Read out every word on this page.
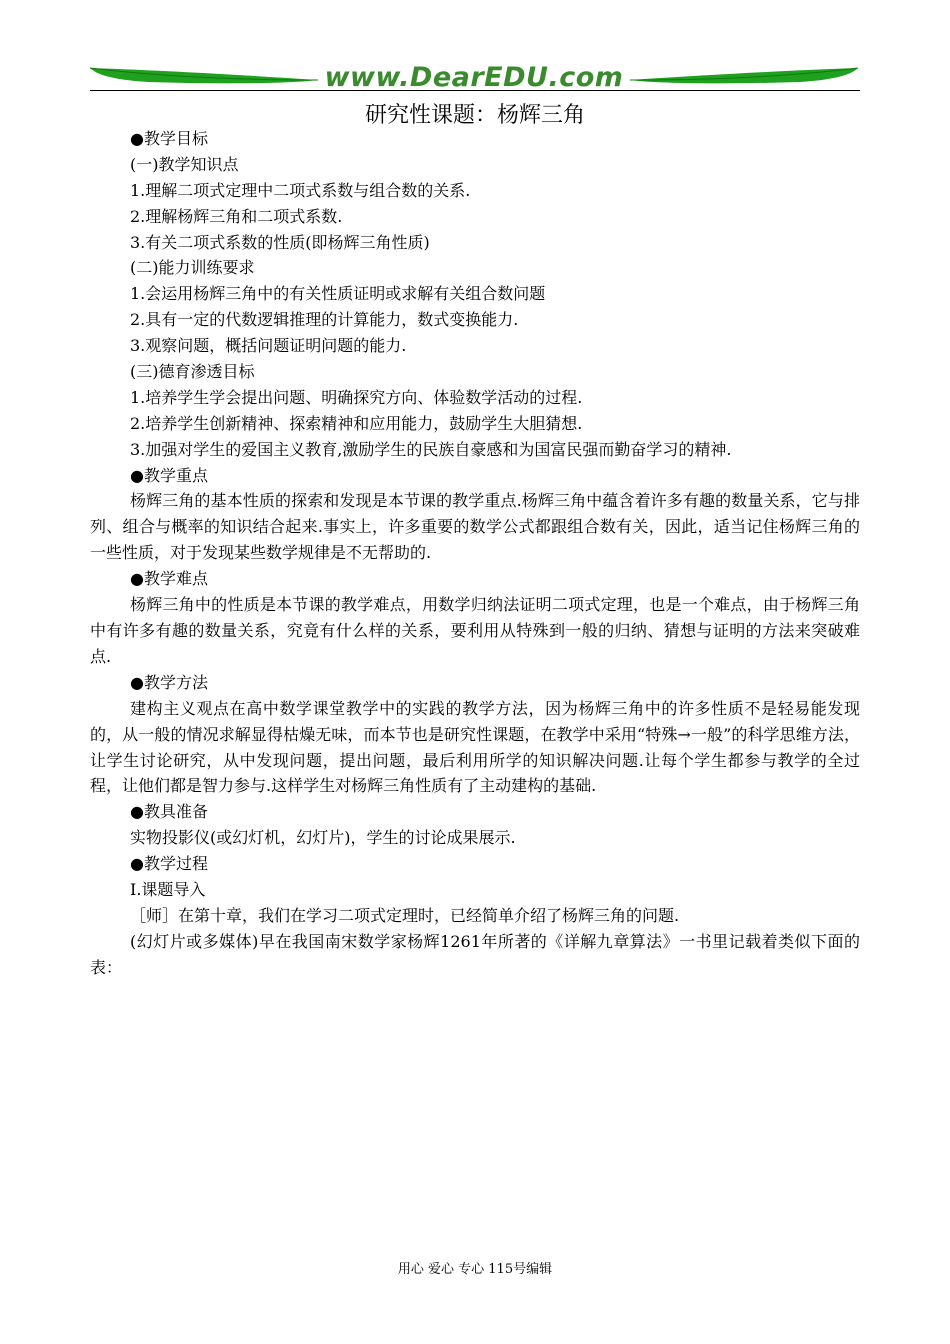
www.DearEDU.com
研究性课题：杨辉三角
●教学目标
(一)教学知识点
1.理解二项式定理中二项式系数与组合数的关系.
2.理解杨辉三角和二项式系数.
3.有关二项式系数的性质(即杨辉三角性质)
(二)能力训练要求
1.会运用杨辉三角中的有关性质证明或求解有关组合数问题
2.具有一定的代数逻辑推理的计算能力，数式变换能力.
3.观察问题，概括问题证明问题的能力.
(三)德育渗透目标
1.培养学生学会提出问题、明确探究方向、体验数学活动的过程.
2.培养学生创新精神、探索精神和应用能力，鼓励学生大胆猜想.
3.加强对学生的爱国主义教育,激励学生的民族自豪感和为国富民强而勤奋学习的精神.
●教学重点
杨辉三角的基本性质的探索和发现是本节课的教学重点.杨辉三角中蕴含着许多有趣的数量关系，它与排列、组合与概率的知识结合起来.事实上，许多重要的数学公式都跟组合数有关，因此，适当记住杨辉三角的一些性质，对于发现某些数学规律是不无帮助的.
●教学难点
杨辉三角中的性质是本节课的教学难点，用数学归纳法证明二项式定理，也是一个难点，由于杨辉三角中有许多有趣的数量关系，究竟有什么样的关系，要利用从特殊到一般的归纳、猜想与证明的方法来突破难点.
●教学方法
建构主义观点在高中数学课堂教学中的实践的教学方法，因为杨辉三角中的许多性质不是轻易能发现的，从一般的情况求解显得枯燥无味，而本节也是研究性课题，在教学中采用“特殊→一般”的科学思维方法，让学生讨论研究，从中发现问题，提出问题，最后利用所学的知识解决问题.让每个学生都参与教学的全过程，让他们都是智力参与.这样学生对杨辉三角性质有了主动建构的基础.
●教具准备
实物投影仪(或幻灯机，幻灯片)，学生的讨论成果展示.
●教学过程
Ⅰ.课题导入
［师］在第十章，我们在学习二项式定理时，已经简单介绍了杨辉三角的问题.
(幻灯片或多媒体)早在我国南宋数学家杨辉1261年所著的《详解九章算法》一书里记载着类似下面的表：
用心 爱心 专心 115号编辑
